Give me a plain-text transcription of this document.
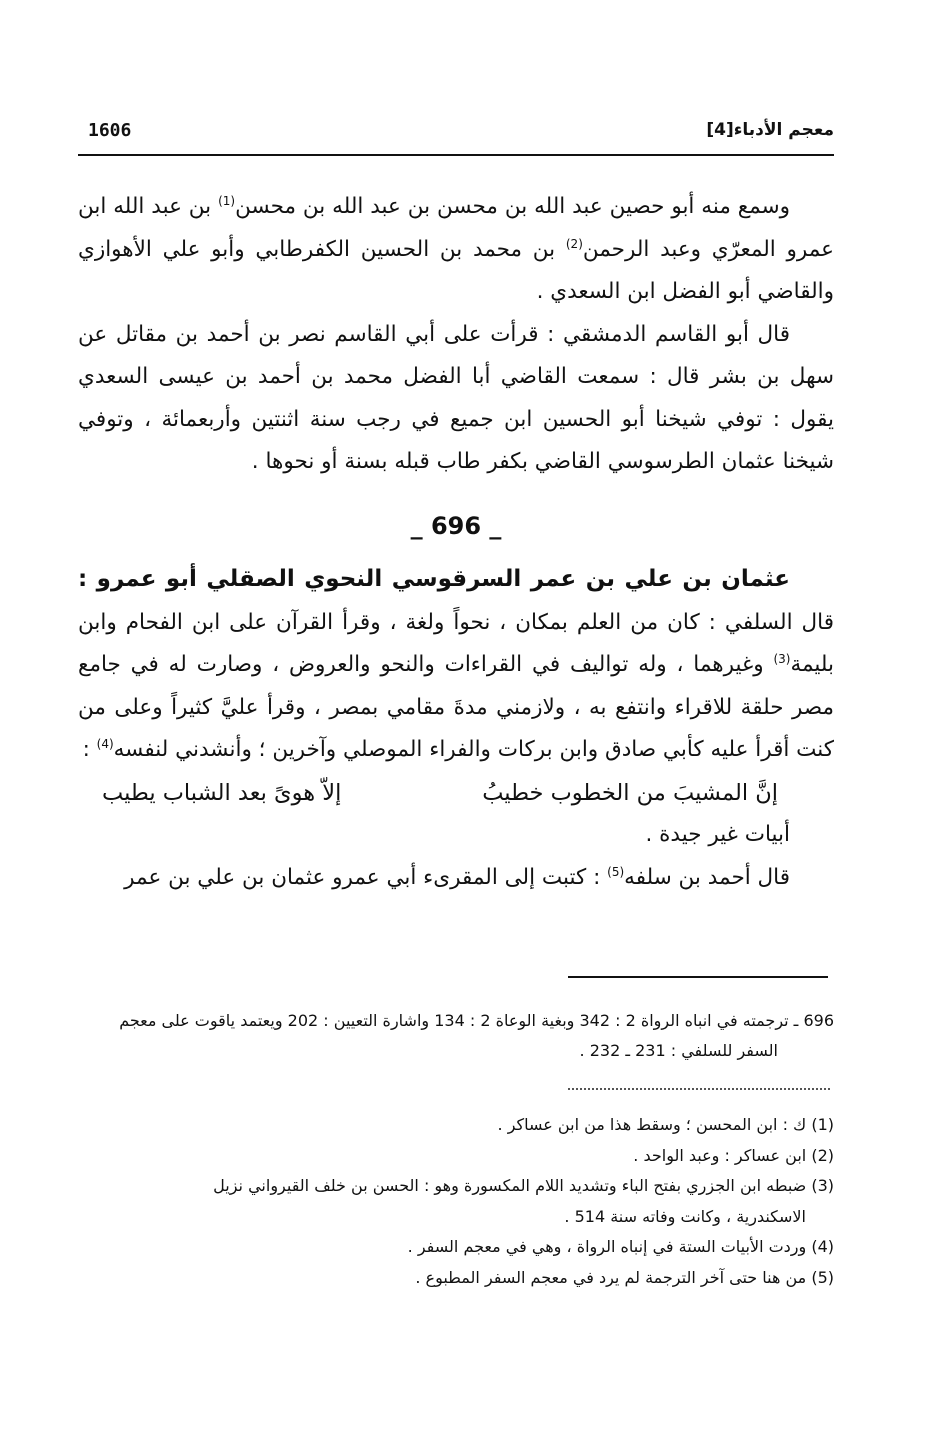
معجم الأدباء[4]
1606

وسمع منه أبو حصين عبد الله بن محسن بن عبد الله بن محسن$^{(1)}$ بن عبد الله ابن عمرو المعرّي وعبد الرحمن$^{(2)}$ بن محمد بن الحسين الكفرطابي وأبو علي الأهوازي والقاضي أبو الفضل ابن السعدي .

قال أبو القاسم الدمشقي : قرأت على أبي القاسم نصر بن أحمد بن مقاتل عن سهل بن بشر قال : سمعت القاضي أبا الفضل محمد بن أحمد بن عيسى السعدي يقول : توفي شيخنا أبو الحسين ابن جميع في رجب سنة اثنتين وأربعمائة ، وتوفي شيخنا عثمان الطرسوسي القاضي بكفر طاب قبله بسنة أو نحوها .

_ 696 _

عثمان بن علي بن عمر السرقوسي النحوي الصقلي أبو عمرو : قال السلفي : كان من العلم بمكان ، نحواً ولغة ، وقرأ القرآن على ابن الفحام وابن بليمة$^{(3)}$ وغيرهما ، وله تواليف في القراءات والنحو والعروض ، وصارت له في جامع مصر حلقة للاقراء وانتفع به ، ولازمني مدةَ مقامي بمصر ، وقرأ عليَّ كثيراً وعلى من كنت أقرأ عليه كأبي صادق وابن بركات والفراء الموصلي وآخرين ؛ وأنشدني لنفسه$^{(4)}$ :

إنَّ المشيبَ من الخطوب خطيبُ
إلاّ هوىً بعد الشباب يطيب

أبيات غير جيدة .

قال أحمد بن سلفه$^{(5)}$ : كتبت إلى المقرىء أبي عمرو عثمان بن علي بن عمر

696 ـ ترجمته في انباه الرواة 2 : 342 وبغية الوعاة 2 : 134 واشارة التعيين : 202 ويعتمد ياقوت على معجم

السفر للسلفي : 231 ـ 232 .

(1) ك : ابن المحسن ؛ وسقط هذا من ابن عساكر .

(2) ابن عساكر : وعبد الواحد .

(3) ضبطه ابن الجزري بفتح الباء وتشديد اللام المكسورة وهو : الحسن بن خلف القيرواني نزيل

الاسكندرية ، وكانت وفاته سنة 514 .

(4) وردت الأبيات الستة في إنباه الرواة ، وهي في معجم السفر .

(5) من هنا حتى آخر الترجمة لم يرد في معجم السفر المطبوع .
